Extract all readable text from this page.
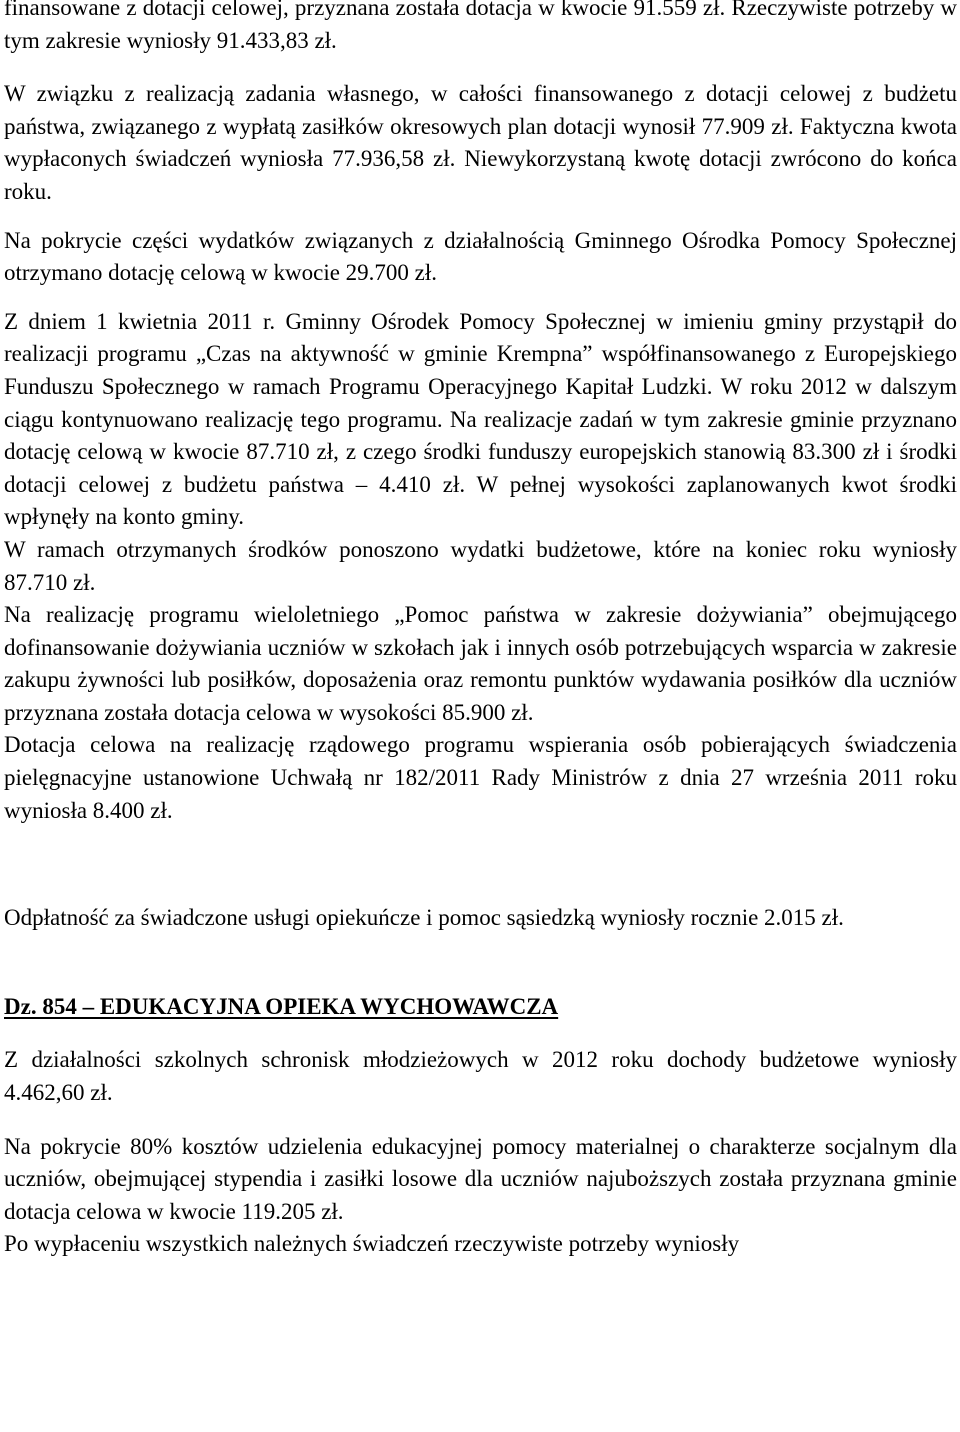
finansowane z dotacji celowej, przyznana została dotacja w kwocie 91.559 zł. Rzeczywiste potrzeby w tym zakresie wyniosły 91.433,83 zł.

W związku z realizacją zadania własnego, w całości finansowanego z dotacji celowej z budżetu państwa, związanego z wypłatą zasiłków okresowych plan dotacji wynosił 77.909 zł. Faktyczna kwota wypłaconych świadczeń wyniosła 77.936,58 zł. Niewykorzystaną kwotę dotacji zwrócono do końca roku.

Na pokrycie części wydatków związanych z działalnością Gminnego Ośrodka Pomocy Społecznej otrzymano dotację celową w kwocie 29.700 zł.

Z dniem 1 kwietnia 2011 r. Gminny Ośrodek Pomocy Społecznej w imieniu gminy przystąpił do realizacji programu „Czas na aktywność w gminie Krempna” współfinansowanego z Europejskiego Funduszu Społecznego w ramach Programu Operacyjnego Kapitał Ludzki. W roku 2012 w dalszym ciągu kontynuowano realizację tego programu. Na realizacje zadań w tym zakresie gminie przyznano dotację celową w kwocie 87.710 zł, z czego środki funduszy europejskich stanowią 83.300 zł i środki dotacji celowej z budżetu państwa – 4.410 zł. W pełnej wysokości zaplanowanych kwot środki wpłynęły na konto gminy.

W ramach otrzymanych środków ponoszono wydatki budżetowe, które na koniec roku wyniosły 87.710 zł.

Na realizację programu wieloletniego „Pomoc państwa w zakresie dożywiania” obejmującego dofinansowanie dożywiania uczniów w szkołach jak i innych osób potrzebujących wsparcia w zakresie zakupu żywności lub posiłków, doposażenia oraz remontu punktów wydawania posiłków dla uczniów przyznana została dotacja celowa w wysokości 85.900 zł.

Dotacja celowa na realizację rządowego programu wspierania osób pobierających świadczenia pielęgnacyjne ustanowione Uchwałą nr 182/2011 Rady Ministrów z dnia 27 września 2011 roku wyniosła 8.400 zł.

Odpłatność za świadczone usługi opiekuńcze i pomoc sąsiedzką wyniosły rocznie 2.015 zł.

Dz. 854 – EDUKACYJNA OPIEKA WYCHOWAWCZA

Z działalności szkolnych schronisk młodzieżowych w 2012 roku dochody budżetowe wyniosły 4.462,60 zł.

Na pokrycie 80% kosztów udzielenia edukacyjnej pomocy materialnej o charakterze socjalnym dla uczniów, obejmującej stypendia i zasiłki losowe dla uczniów najuboższych została przyznana gminie dotacja celowa w kwocie 119.205 zł.

Po wypłaceniu wszystkich należnych świadczeń rzeczywiste potrzeby wyniosły
